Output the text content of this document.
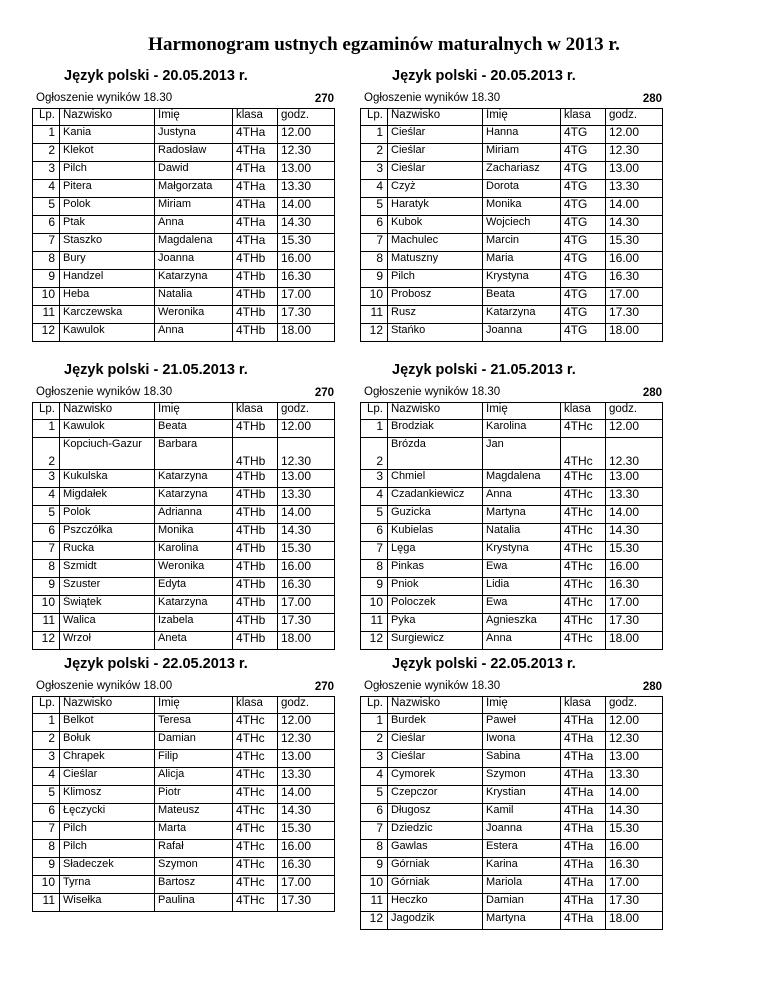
Harmonogram ustnych egzaminów maturalnych w 2013 r.
Język polski - 20.05.2013 r.
Ogłoszenie wyników 18.30	270
Lp.	Nazwisko	Imię	klasa	godz.
1	Kania	Justyna	4THa	12.00
2	Klekot	Radosław	4THa	12.30
3	Pilch	Dawid	4THa	13.00
4	Pitera	Małgorzata	4THa	13.30
5	Polok	Miriam	4THa	14.00
6	Ptak	Anna	4THa	14.30
7	Staszko	Magdalena	4THa	15.30
8	Bury	Joanna	4THb	16.00
9	Handzel	Katarzyna	4THb	16.30
10	Heba	Natalia	4THb	17.00
11	Karczewska	Weronika	4THb	17.30
12	Kawulok	Anna	4THb	18.00
Język polski - 20.05.2013 r.
Ogłoszenie wyników 18.30	280
Lp.	Nazwisko	Imię	klasa	godz.
1	Cieślar	Hanna	4TG	12.00
2	Cieślar	Miriam	4TG	12.30
3	Cieślar	Zachariasz	4TG	13.00
4	Czyż	Dorota	4TG	13.30
5	Haratyk	Monika	4TG	14.00
6	Kubok	Wojciech	4TG	14.30
7	Machulec	Marcin	4TG	15.30
8	Matuszny	Maria	4TG	16.00
9	Pilch	Krystyna	4TG	16.30
10	Probosz	Beata	4TG	17.00
11	Rusz	Katarzyna	4TG	17.30
12	Stańko	Joanna	4TG	18.00
Język polski - 21.05.2013 r.
Ogłoszenie wyników 18.30	270
Lp.	Nazwisko	Imię	klasa	godz.
1	Kawulok	Beata	4THb	12.00
2	Kopciuch-Gazur	Barbara	4THb	12.30
3	Kukulska	Katarzyna	4THb	13.00
4	Migdałek	Katarzyna	4THb	13.30
5	Polok	Adrianna	4THb	14.00
6	Pszczółka	Monika	4THb	14.30
7	Rucka	Karolina	4THb	15.30
8	Szmidt	Weronika	4THb	16.00
9	Szuster	Edyta	4THb	16.30
10	Świątek	Katarzyna	4THb	17.00
11	Walica	Izabela	4THb	17.30
12	Wrzoł	Aneta	4THb	18.00
Język polski - 21.05.2013 r.
Ogłoszenie wyników 18.30	280
Lp.	Nazwisko	Imię	klasa	godz.
1	Brodziak	Karolina	4THc	12.00
2	Brózda	Jan	4THc	12.30
3	Chmiel	Magdalena	4THc	13.00
4	Czadankiewicz	Anna	4THc	13.30
5	Guzicka	Martyna	4THc	14.00
6	Kubielas	Natalia	4THc	14.30
7	Lęga	Krystyna	4THc	15.30
8	Pinkas	Ewa	4THc	16.00
9	Pniok	Lidia	4THc	16.30
10	Poloczek	Ewa	4THc	17.00
11	Pyka	Agnieszka	4THc	17.30
12	Surgiewicz	Anna	4THc	18.00
Język polski - 22.05.2013 r.
Ogłoszenie wyników 18.00	270
Lp.	Nazwisko	Imię	klasa	godz.
1	Belkot	Teresa	4THc	12.00
2	Bołuk	Damian	4THc	12.30
3	Chrapek	Filip	4THc	13.00
4	Cieślar	Alicja	4THc	13.30
5	Klimosz	Piotr	4THc	14.00
6	Łęczycki	Mateusz	4THc	14.30
7	Pilch	Marta	4THc	15.30
8	Pilch	Rafał	4THc	16.00
9	Sładeczek	Szymon	4THc	16.30
10	Tyrna	Bartosz	4THc	17.00
11	Wisełka	Paulina	4THc	17.30
Język polski - 22.05.2013 r.
Ogłoszenie wyników 18.30	280
Lp.	Nazwisko	Imię	klasa	godz.
1	Burdek	Paweł	4THa	12.00
2	Cieślar	Iwona	4THa	12.30
3	Cieślar	Sabina	4THa	13.00
4	Cymorek	Szymon	4THa	13.30
5	Czepczor	Krystian	4THa	14.00
6	Długosz	Kamil	4THa	14.30
7	Dziedzic	Joanna	4THa	15.30
8	Gawlas	Estera	4THa	16.00
9	Górniak	Karina	4THa	16.30
10	Górniak	Mariola	4THa	17.00
11	Heczko	Damian	4THa	17.30
12	Jagodzik	Martyna	4THa	18.00
